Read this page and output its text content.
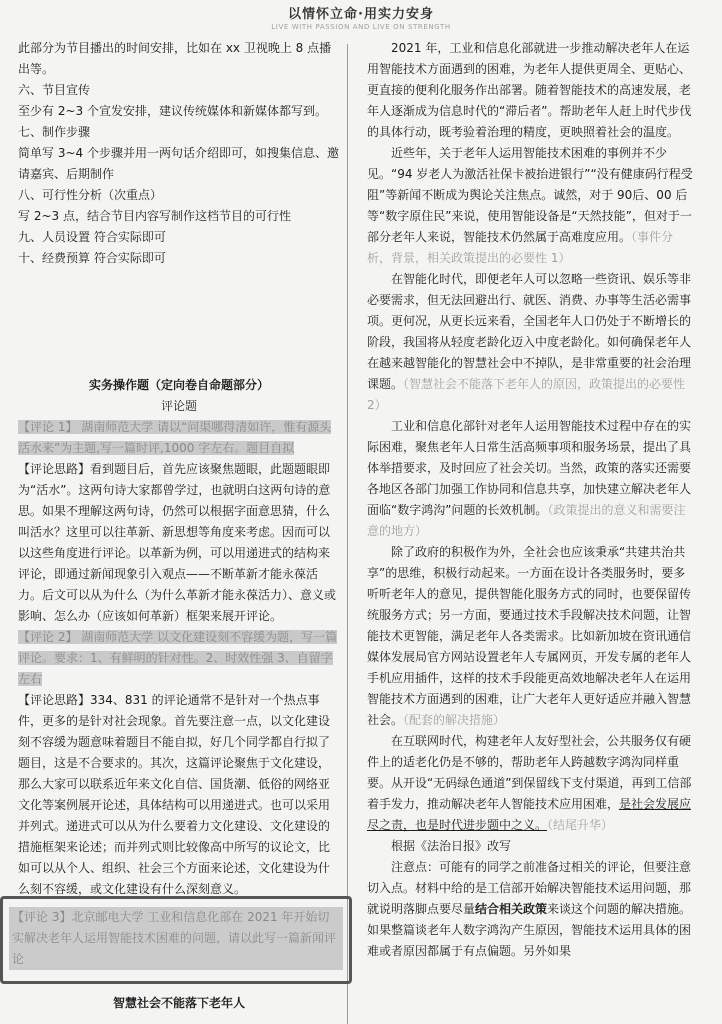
以情怀立命·用实力安身
LIVE WITH PASSION AND LIVE ON STRENGTH

此部分为节目播出的时间安排，比如在 xx 卫视晚上 8 点播出等。

六、节目宣传

至少有 2~3 个宣发安排，建议传统媒体和新媒体都写到。

七、制作步骤

简单写 3~4 个步骤并用一两句话介绍即可，如搜集信息、邀请嘉宾、后期制作

八、可行性分析（次重点）

写 2~3 点，结合节目内容写制作这档节目的可行性

九、人员设置 符合实际即可

十、经费预算 符合实际即可

实务操作题（定向卷自命题部分）

评论题

【评论 1】 湖南师范大学 请以“问渠哪得清如许，惟有源头活水来”为主题,写一篇时评,1000 字左右。题目自拟

【评论思路】看到题目后，首先应该聚焦题眼，此题题眼即为“活水”。这两句诗大家都曾学过，也就明白这两句诗的意思。如果不理解这两句诗，仍然可以根据字面意思猜，什么叫活水？这里可以往革新、新思想等角度来考虑。因而可以以这些角度进行评论。以革新为例，可以用递进式的结构来评论，即通过新闻现象引入观点——不断革新才能永葆活力。后文可以从为什么（为什么革新才能永葆活力）、意义或影响、怎么办（应该如何革新）框架来展开评论。

【评论 2】 湖南师范大学 以文化建设刻不容缓为题，写一篇评论。要求：1、有鲜明的针对性。2、时效性强 3、自留字左右

【评论思路】334、831 的评论通常不是针对一个热点事件，更多的是针对社会现象。首先要注意一点，以文化建设刻不容缓为题意味着题目不能自拟，好几个同学都自行拟了题目，这是不合要求的。其次，这篇评论聚焦于文化建设，那么大家可以联系近年来文化自信、国货潮、低俗的网络亚文化等案例展开论述，具体结构可以用递进式。也可以采用并列式。递进式可以从为什么要着力文化建设、文化建设的措施框架来论述；而并列式则比较像高中所写的议论文，比如可以从个人、组织、社会三个方面来论述，文化建设为什么刻不容缓，或文化建设有什么深刻意义。

【评论 3】北京邮电大学 工业和信息化部在 2021 年开始切实解决老年人运用智能技术困难的问题，请以此写一篇新闻评论
智慧社会不能落下老年人

2021 年，工业和信息化部就进一步推动解决老年人在运用智能技术方面遇到的困难，为老年人提供更周全、更贴心、更直接的便利化服务作出部署。随着智能技术的高速发展，老年人逐渐成为信息时代的“滞后者”。帮助老年人赶上时代步伐的具体行动，既考验着治理的精度，更映照着社会的温度。

近些年，关于老年人运用智能技术困难的事例并不少见。“94 岁老人为激活社保卡被抬进银行”“没有健康码行程受阻”等新闻不断成为舆论关注焦点。诚然，对于 90后、00 后等“数字原住民”来说，使用智能设备是“天然技能”，但对于一部分老年人来说，智能技术仍然属于高难度应用。（事件分析，背景，相关政策提出的必要性 1）

在智能化时代，即便老年人可以忽略一些资讯、娱乐等非必要需求，但无法回避出行、就医、消费、办事等生活必需事项。更何况，从更长远来看，全国老年人口仍处于不断增长的阶段，我国将从轻度老龄化迈入中度老龄化。如何确保老年人在越来越智能化的智慧社会中不掉队，是非常重要的社会治理课题。（智慧社会不能落下老年人的原因，政策提出的必要性 2）

工业和信息化部针对老年人运用智能技术过程中存在的实际困难，聚焦老年人日常生活高频事项和服务场景，提出了具体举措要求，及时回应了社会关切。当然，政策的落实还需要各地区各部门加强工作协同和信息共享，加快建立解决老年人面临“数字鸿沟”问题的长效机制。（政策提出的意义和需要注意的地方）

除了政府的积极作为外，全社会也应该秉承“共建共治共享”的思维，积极行动起来。一方面在设计各类服务时，要多听听老年人的意见，提供智能化服务方式的同时，也要保留传统服务方式；另一方面，要通过技术手段解决技术问题，让智能技术更智能，满足老年人各类需求。比如新加坡在资讯通信媒体发展局官方网站设置老年人专属网页，开发专属的老年人手机应用插件，这样的技术手段能更高效地解决老年人在运用智能技术方面遇到的困难，让广大老年人更好适应并融入智慧社会。（配套的解决措施）

在互联网时代，构建老年人友好型社会，公共服务仅有硬件上的适老化仍是不够的，帮助老年人跨越数字鸿沟同样重要。从开设“无码绿色通道”到保留线下支付渠道，再到工信部着手发力，推动解决老年人智能技术应用困难，是社会发展应尽之责，也是时代进步题中之义。（结尾升华）

根据《法治日报》改写

注意点：可能有的同学之前准备过相关的评论，但要注意切入点。材料中给的是工信部开始解决智能技术运用问题，那就说明落脚点要尽量结合相关政策来谈这个问题的解决措施。如果整篇谈老年人数字鸿沟产生原因，智能技术运用具体的困难或者原因都属于有点偏题。另外如果
